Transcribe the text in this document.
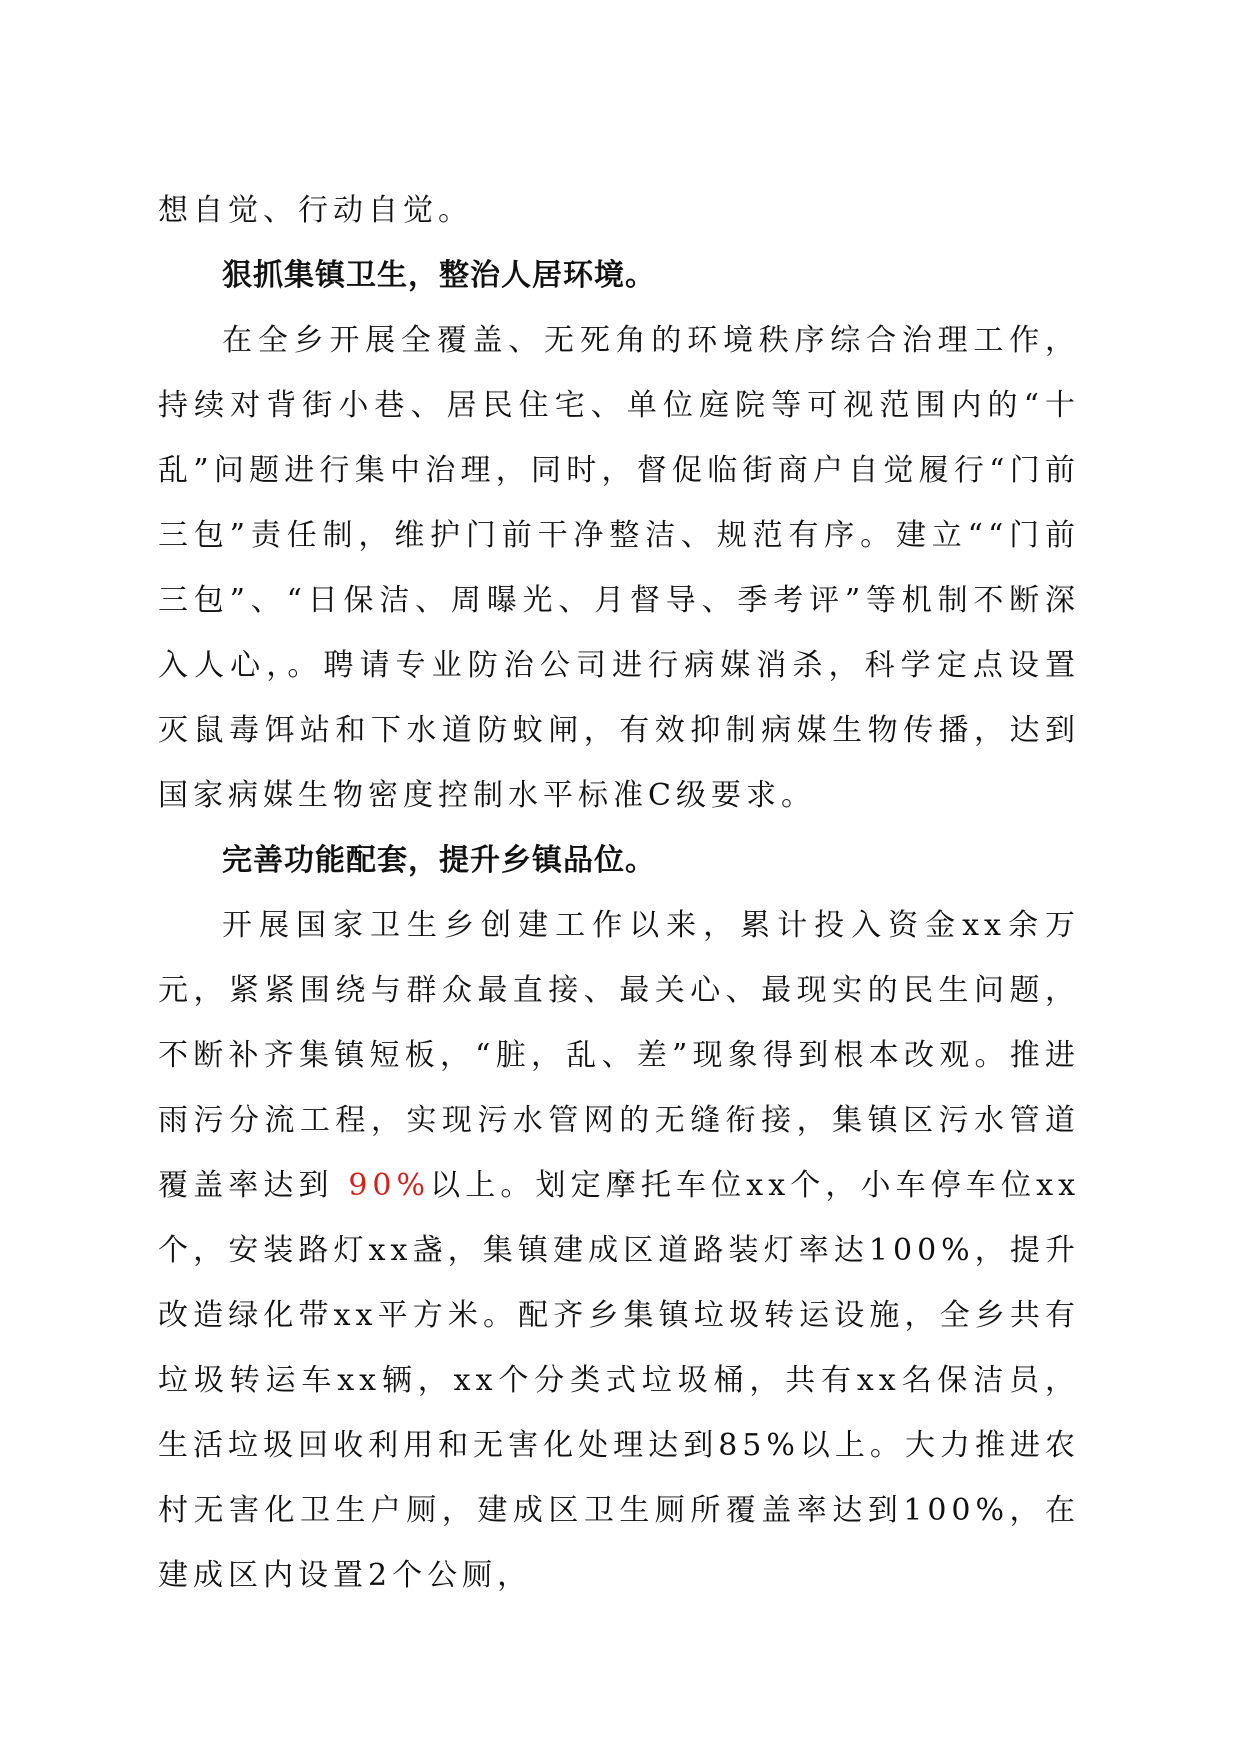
想自觉、行动自觉。

狠抓集镇卫生，整治人居环境。

在全乡开展全覆盖、无死角的环境秩序综合治理工作，持续对背街小巷、居民住宅、单位庭院等可视范围内的“十乱”问题进行集中治理，同时，督促临街商户自觉履行“门前三包”责任制，维护门前干净整洁、规范有序。建立““门前三包”、“日保洁、周曝光、月督导、季考评”等机制不断深入人心，。聘请专业防治公司进行病媒消杀，科学定点设置灭鼠毒饵站和下水道防蚊闸，有效抑制病媒生物传播，达到国家病媒生物密度控制水平标准C级要求。

完善功能配套，提升乡镇品位。

开展国家卫生乡创建工作以来，累计投入资金xx余万元，紧紧围绕与群众最直接、最关心、最现实的民生问题，不断补齐集镇短板，“脏，乱、差”现象得到根本改观。推进雨污分流工程，实现污水管网的无缝衔接，集镇区污水管道覆盖率达到 90%以上。划定摩托车位xx个，小车停车位xx个，安装路灯xx盏，集镇建成区道路装灯率达100%，提升改造绿化带xx平方米。配齐乡集镇垃圾转运设施，全乡共有垃圾转运车xx辆，xx个分类式垃圾桶，共有xx名保洁员，生活垃圾回收利用和无害化处理达到85%以上。大力推进农村无害化卫生户厕，建成区卫生厕所覆盖率达到100%，在建成区内设置2个公厕，
